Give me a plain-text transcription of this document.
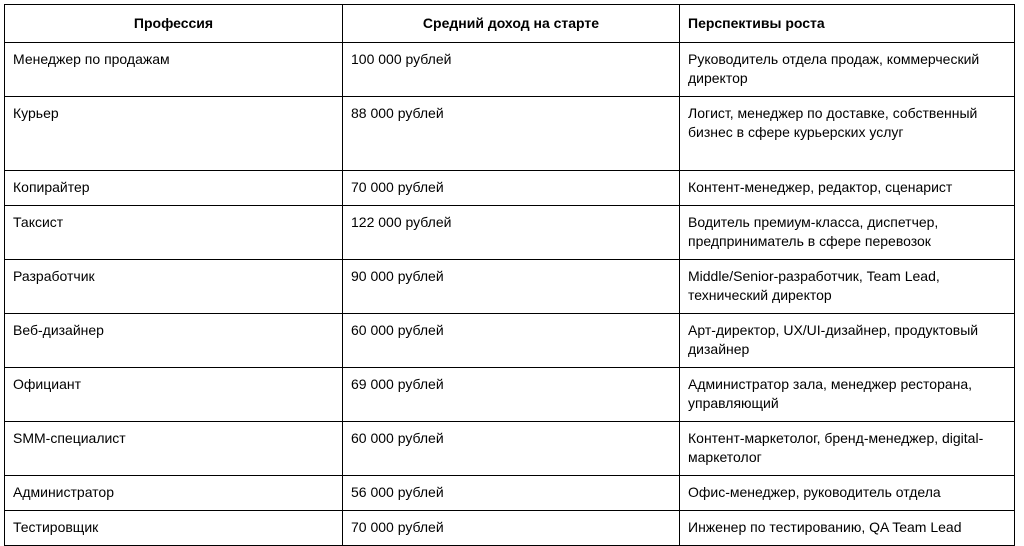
Профессия	Средний доход на старте	Перспективы роста
Менеджер по продажам	100 000 рублей	Руководитель отдела продаж, коммерческий директор
Курьер	88 000 рублей	Логист, менеджер по доставке, собственный бизнес в сфере курьерских услуг
Копирайтер	70 000 рублей	Контент-менеджер, редактор, сценарист
Таксист	122 000 рублей	Водитель премиум-класса, диспетчер, предприниматель в сфере перевозок
Разработчик	90 000 рублей	Middle/Senior-разработчик, Team Lead, технический директор
Веб-дизайнер	60 000 рублей	Арт-директор, UX/UI-дизайнер, продуктовый дизайнер
Официант	69 000 рублей	Администратор зала, менеджер ресторана, управляющий
SMM-специалист	60 000 рублей	Контент-маркетолог, бренд-менеджер, digital-маркетолог
Администратор	56 000 рублей	Офис-менеджер, руководитель отдела
Тестировщик	70 000 рублей	Инженер по тестированию, QA Team Lead
